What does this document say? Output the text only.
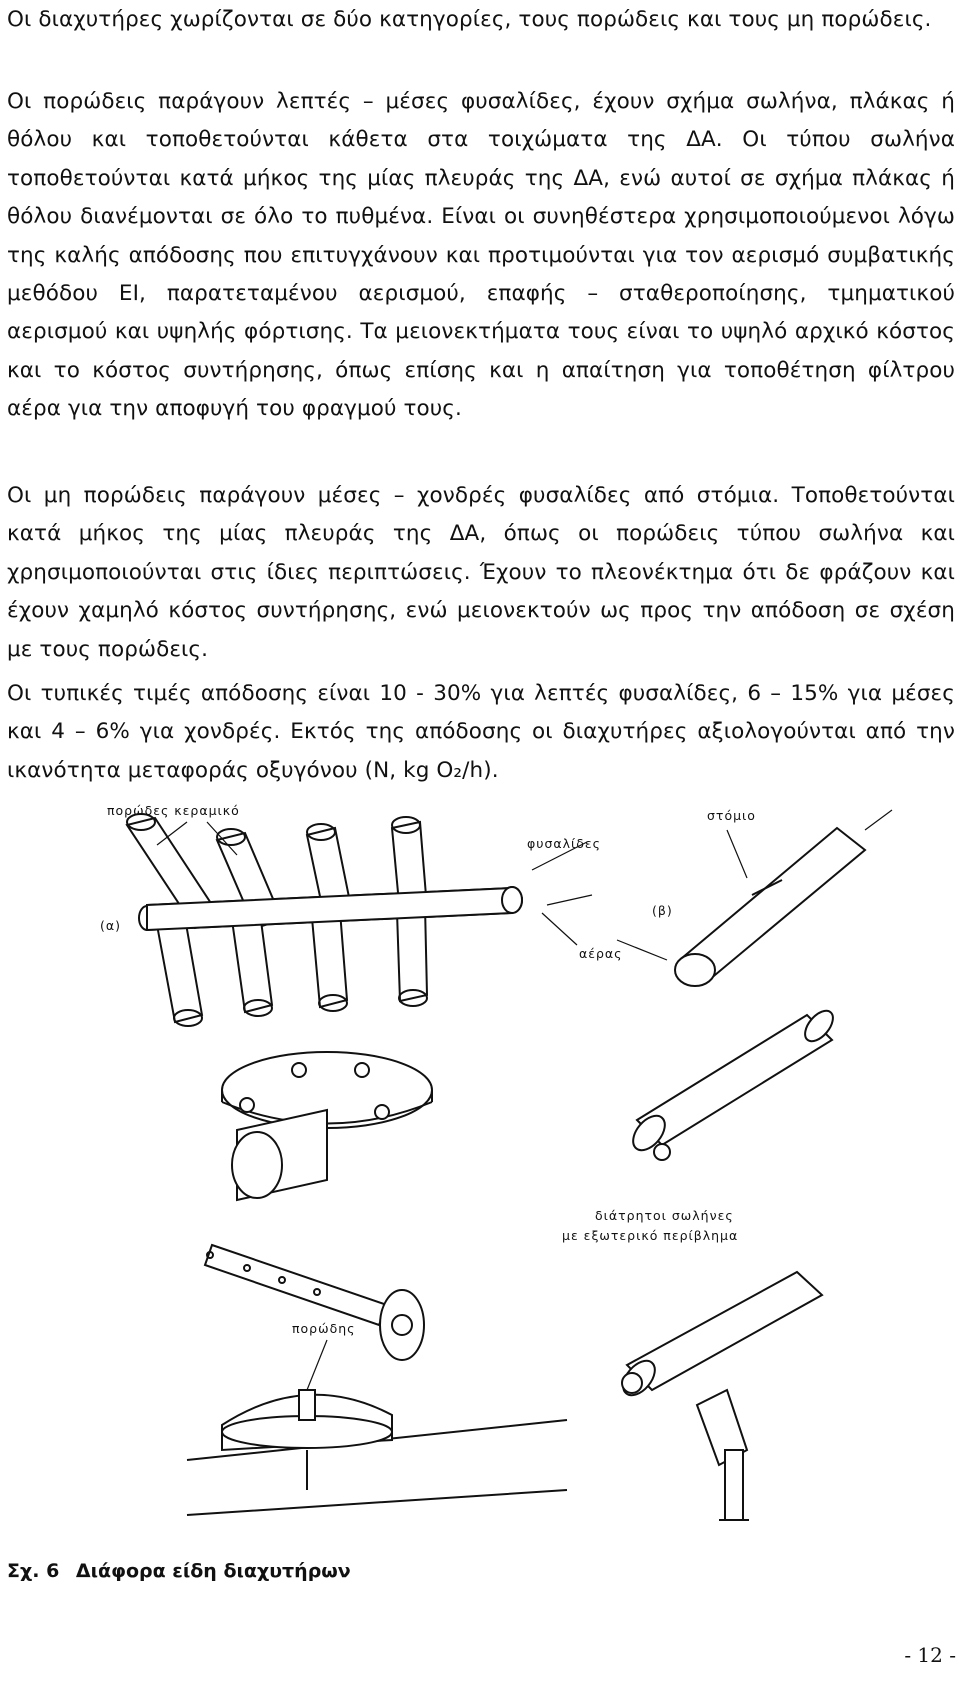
Οι διαχυτήρες χωρίζονται σε δύο κατηγορίες, τους πορώδεις και τους μη πορώδεις.

Οι πορώδεις παράγουν λεπτές – μέσες φυσαλίδες, έχουν σχήμα σωλήνα, πλάκας ή θόλου και τοποθετούνται κάθετα στα τοιχώματα της ΔΑ. Οι τύπου σωλήνα τοποθετούνται κατά μήκος της μίας πλευράς της ΔΑ, ενώ αυτοί σε σχήμα πλάκας ή θόλου διανέμονται σε όλο το πυθμένα. Είναι οι συνηθέστερα χρησιμοποιούμενοι λόγω της καλής απόδοσης που επιτυγχάνουν και προτιμούνται για τον αερισμό συμβατικής μεθόδου ΕΙ, παρατεταμένου αερισμού, επαφής – σταθεροποίησης, τμηματικού αερισμού και υψηλής φόρτισης. Τα μειονεκτήματα τους είναι το υψηλό αρχικό κόστος και το κόστος συντήρησης, όπως επίσης και η απαίτηση για τοποθέτηση φίλτρου αέρα για την αποφυγή του φραγμού τους.

Οι μη πορώδεις παράγουν μέσες – χονδρές φυσαλίδες από στόμια. Τοποθετούνται κατά μήκος της μίας πλευράς της ΔΑ, όπως οι πορώδεις τύπου σωλήνα και χρησιμοποιούνται στις ίδιες περιπτώσεις. Έχουν το πλεονέκτημα ότι δε φράζουν και έχουν χαμηλό κόστος συντήρησης, ενώ μειονεκτούν ως προς την απόδοση σε σχέση με τους πορώδεις.

Οι τυπικές τιμές απόδοσης είναι 10 - 30% για λεπτές φυσαλίδες, 6 – 15% για μέσες και 4 – 6% για χονδρές. Εκτός της απόδοσης οι διαχυτήρες αξιολογούνται από την ικανότητα μεταφοράς οξυγόνου (Ν, kg O₂/h).

πορώδες κεραμικό
φυσαλίδες
(α)
στόμιο
(β)
αέρας
διάτρητοι σωλήνες
με εξωτερικό περίβλημα
πορώδης
Σχ. 6 Διάφορα είδη διαχυτήρων
- 12 -
